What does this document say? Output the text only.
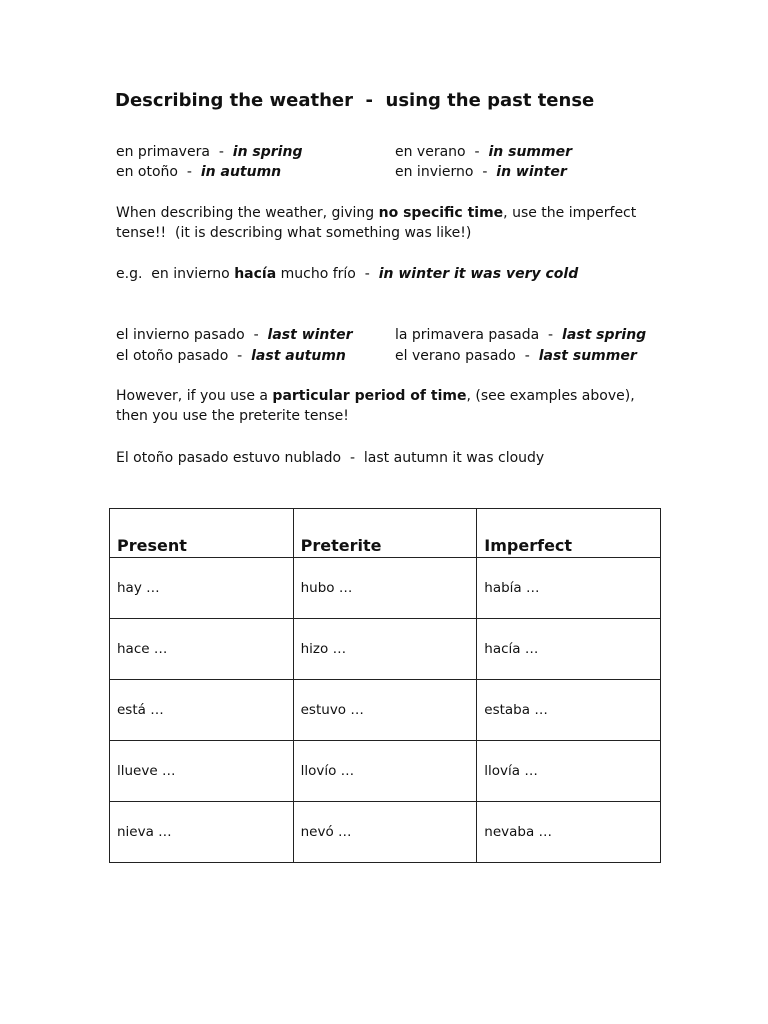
Describing the weather  -  using the past tense
en primavera  -  in spring	en verano  -  in summer
en otoño  -  in autumn	en invierno  -  in winter
When describing the weather, giving no specific time, use the imperfect
tense!!  (it is describing what something was like!)
e.g.  en invierno hacía mucho frío  -  in winter it was very cold
el invierno pasado  -  last winter	la primavera pasada  -  last spring
el otoño pasado  -  last autumn	el verano pasado  -  last summer
However, if you use a particular period of time, (see examples above),
then you use the preterite tense!
El otoño pasado estuvo nublado  -  last autumn it was cloudy
Present	Preterite	Imperfect
hay …	hubo …	había …
hace …	hizo …	hacía …
está …	estuvo …	estaba …
llueve …	llovío …	llovía …
nieva …	nevó …	nevaba …
